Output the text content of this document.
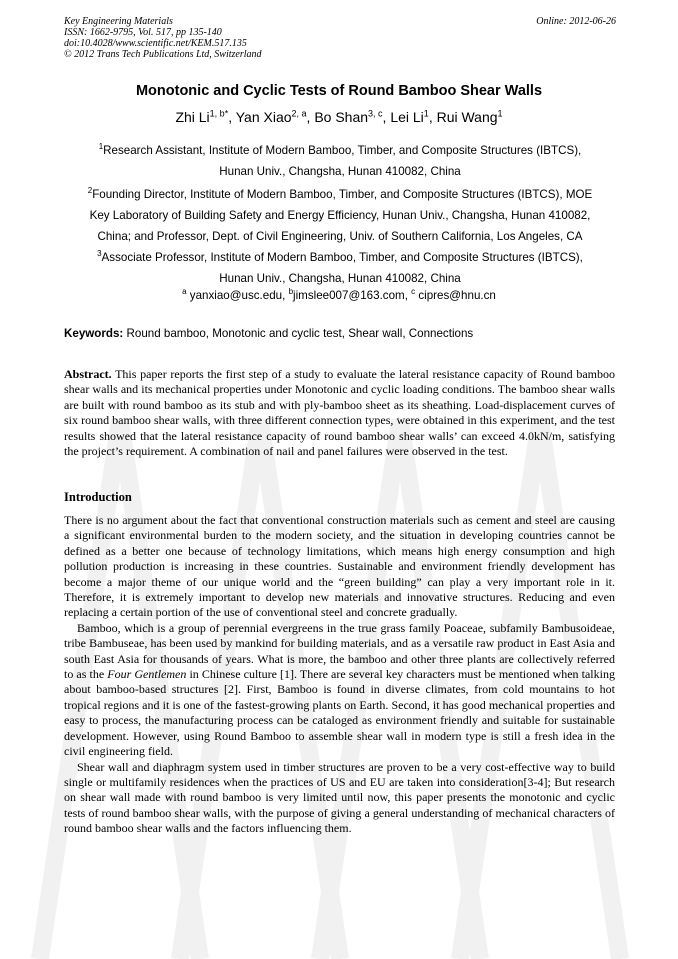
Key Engineering Materials
ISSN: 1662-9795, Vol. 517, pp 135-140
doi:10.4028/www.scientific.net/KEM.517.135
© 2012 Trans Tech Publications Ltd, Switzerland
Online: 2012-06-26
Monotonic and Cyclic Tests of Round Bamboo Shear Walls
Zhi $Li^{1, b*}$, Yan Xiao$^{2, a}$, Bo Shan$^{3, c}$, Lei Li$^1$, Rui Wang$^1$
$^1$Research Assistant, Institute of Modern Bamboo, Timber, and Composite Structures (IBTCS),
Hunan Univ., Changsha, Hunan 410082, China
$^2$Founding Director, Institute of Modern Bamboo, Timber, and Composite Structures (IBTCS), MOE
Key Laboratory of Building Safety and Energy Efficiency, Hunan Univ., Changsha, Hunan 410082,
China; and Professor, Dept. of Civil Engineering, Univ. of Southern California, Los Angeles, CA
$^3$Associate Professor, Institute of Modern Bamboo, Timber, and Composite Structures (IBTCS),
Hunan Univ., Changsha, Hunan 410082, China
$^a$ yanxiao@usc.edu, $^b$jimslee007@163.com, $^c$ cipres@hnu.cn
Keywords: Round bamboo, Monotonic and cyclic test, Shear wall, Connections

Abstract. This paper reports the first step of a study to evaluate the lateral resistance capacity of Round bamboo shear walls and its mechanical properties under Monotonic and cyclic loading conditions. The bamboo shear walls are built with round bamboo as its stub and with ply-bamboo sheet as its sheathing. Load-displacement curves of six round bamboo shear walls, with three different connection types, were obtained in this experiment, and the test results showed that the lateral resistance capacity of round bamboo shear walls’ can exceed 4.0kN/m, satisfying the project’s requirement. A combination of nail and panel failures were observed in the test.

Introduction

There is no argument about the fact that conventional construction materials such as cement and steel are causing a significant environmental burden to the modern society, and the situation in developing countries cannot be defined as a better one because of technology limitations, which means high energy consumption and high pollution production is increasing in these countries. Sustainable and environment friendly development has become a major theme of our unique world and the “green building” can play a very important role in it. Therefore, it is extremely important to develop new materials and innovative structures. Reducing and even replacing a certain portion of the use of conventional steel and concrete gradually.

Bamboo, which is a group of perennial evergreens in the true grass family Poaceae, subfamily Bambusoideae, tribe Bambuseae, has been used by mankind for building materials, and as a versatile raw product in East Asia and south East Asia for thousands of years. What is more, the bamboo and other three plants are collectively referred to as the Four Gentlemen in Chinese culture [1]. There are several key characters must be mentioned when talking about bamboo-based structures [2]. First, Bamboo is found in diverse climates, from cold mountains to hot tropical regions and it is one of the fastest-growing plants on Earth. Second, it has good mechanical properties and easy to process, the manufacturing process can be cataloged as environment friendly and suitable for sustainable development. However, using Round Bamboo to assemble shear wall in modern type is still a fresh idea in the civil engineering field.

Shear wall and diaphragm system used in timber structures are proven to be a very cost-effective way to build single or multifamily residences when the practices of US and EU are taken into consideration[3-4]; But research on shear wall made with round bamboo is very limited until now, this paper presents the monotonic and cyclic tests of round bamboo shear walls, with the purpose of giving a general understanding of mechanical characters of round bamboo shear walls and the factors influencing them.
